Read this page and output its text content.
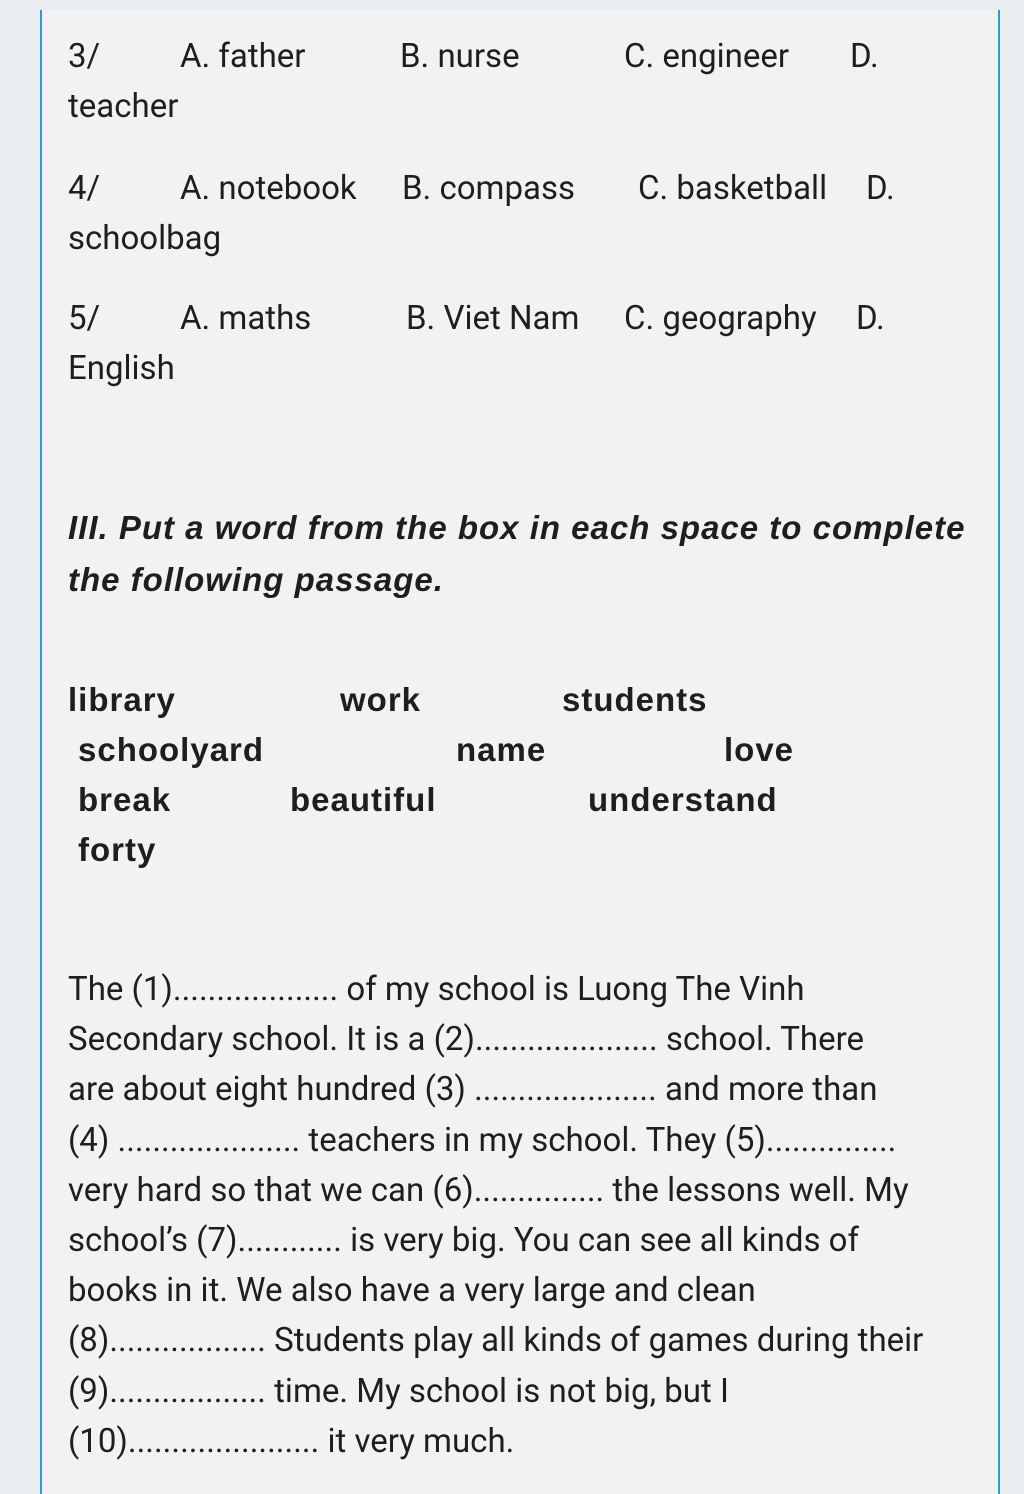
3/ A. father	B. nurse	C. engineer D.
teacher
4/ A. notebook B. compass C. basketball D.
schoolbag
5/ A. maths	B. Viet Nam C. geography D.
English
III. Put a word from the box in each space to complete the following passage.
library	work	students
schoolyard	name	love
break	beautiful	understand
forty
The (1)................... of my school is Luong The Vinh
Secondary school. It is a (2)..................... school. There
are about eight hundred (3) ..................... and more than
(4) ..................... teachers in my school. They (5)...............
very hard so that we can (6)............... the lessons well. My
school’s (7)............ is very big. You can see all kinds of
books in it. We also have a very large and clean
(8).................. Students play all kinds of games during their
(9).................. time. My school is not big, but I
(10)...................... it very much.
